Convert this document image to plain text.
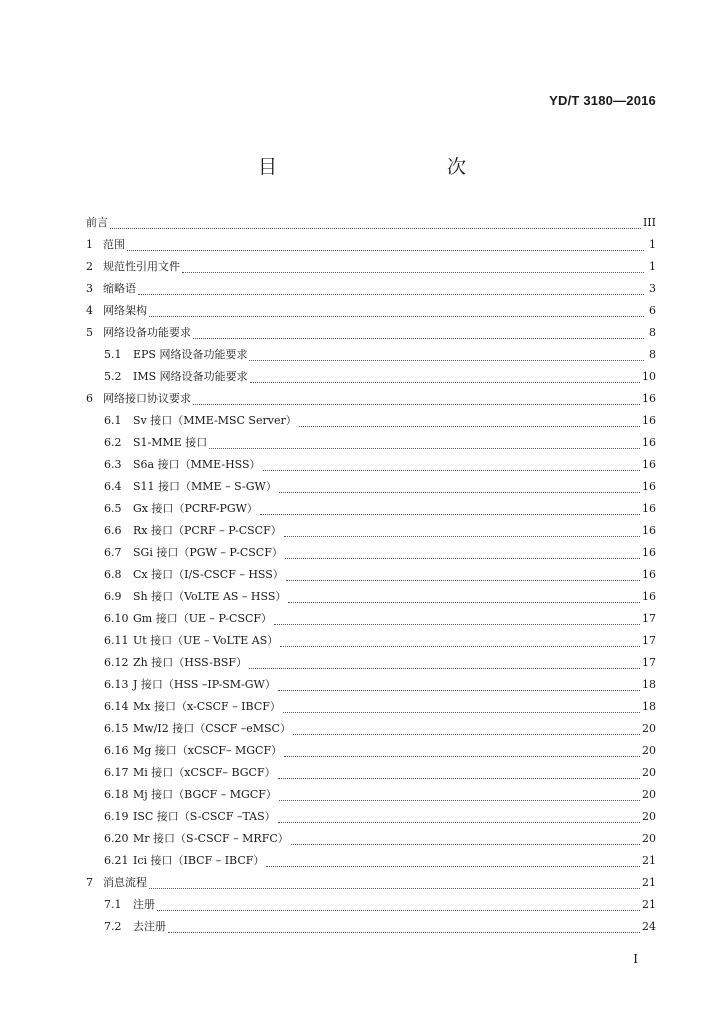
YD/T 3180—2016
目　　次
前言	III
1 范围	1
2 规范性引用文件	1
3 缩略语	3
4 网络架构	6
5 网络设备功能要求	8
5.1	EPS 网络设备功能要求	8
5.2	IMS 网络设备功能要求	10
6 网络接口协议要求	16
6.1	Sv 接口（MME-MSC Server）	16
6.2	S1-MME 接口	16
6.3	S6a 接口（MME-HSS）	16
6.4	S11 接口（MME – S-GW）	16
6.5	Gx 接口（PCRF-PGW）	16
6.6	Rx 接口（PCRF – P-CSCF）	16
6.7	SGi 接口（PGW – P-CSCF）	16
6.8	Cx 接口（I/S-CSCF – HSS）	16
6.9	Sh 接口（VoLTE AS – HSS）	16
6.10 Gm 接口（UE – P-CSCF）	17
6.11 Ut 接口（UE – VoLTE AS）	17
6.12 Zh 接口（HSS-BSF）	17
6.13 J 接口（HSS –IP-SM-GW）	18
6.14 Mx 接口（x-CSCF – IBCF）	18
6.15 Mw/I2 接口（CSCF –eMSC）	20
6.16 Mg 接口（xCSCF– MGCF）	20
6.17 Mi 接口（xCSCF– BGCF）	20
6.18 Mj 接口（BGCF – MGCF）	20
6.19 ISC 接口（S-CSCF –TAS）	20
6.20 Mr 接口（S-CSCF – MRFC）	20
6.21 Ici 接口（IBCF – IBCF）	21
7 消息流程	21
7.1	注册	21
7.2	去注册	24
I
